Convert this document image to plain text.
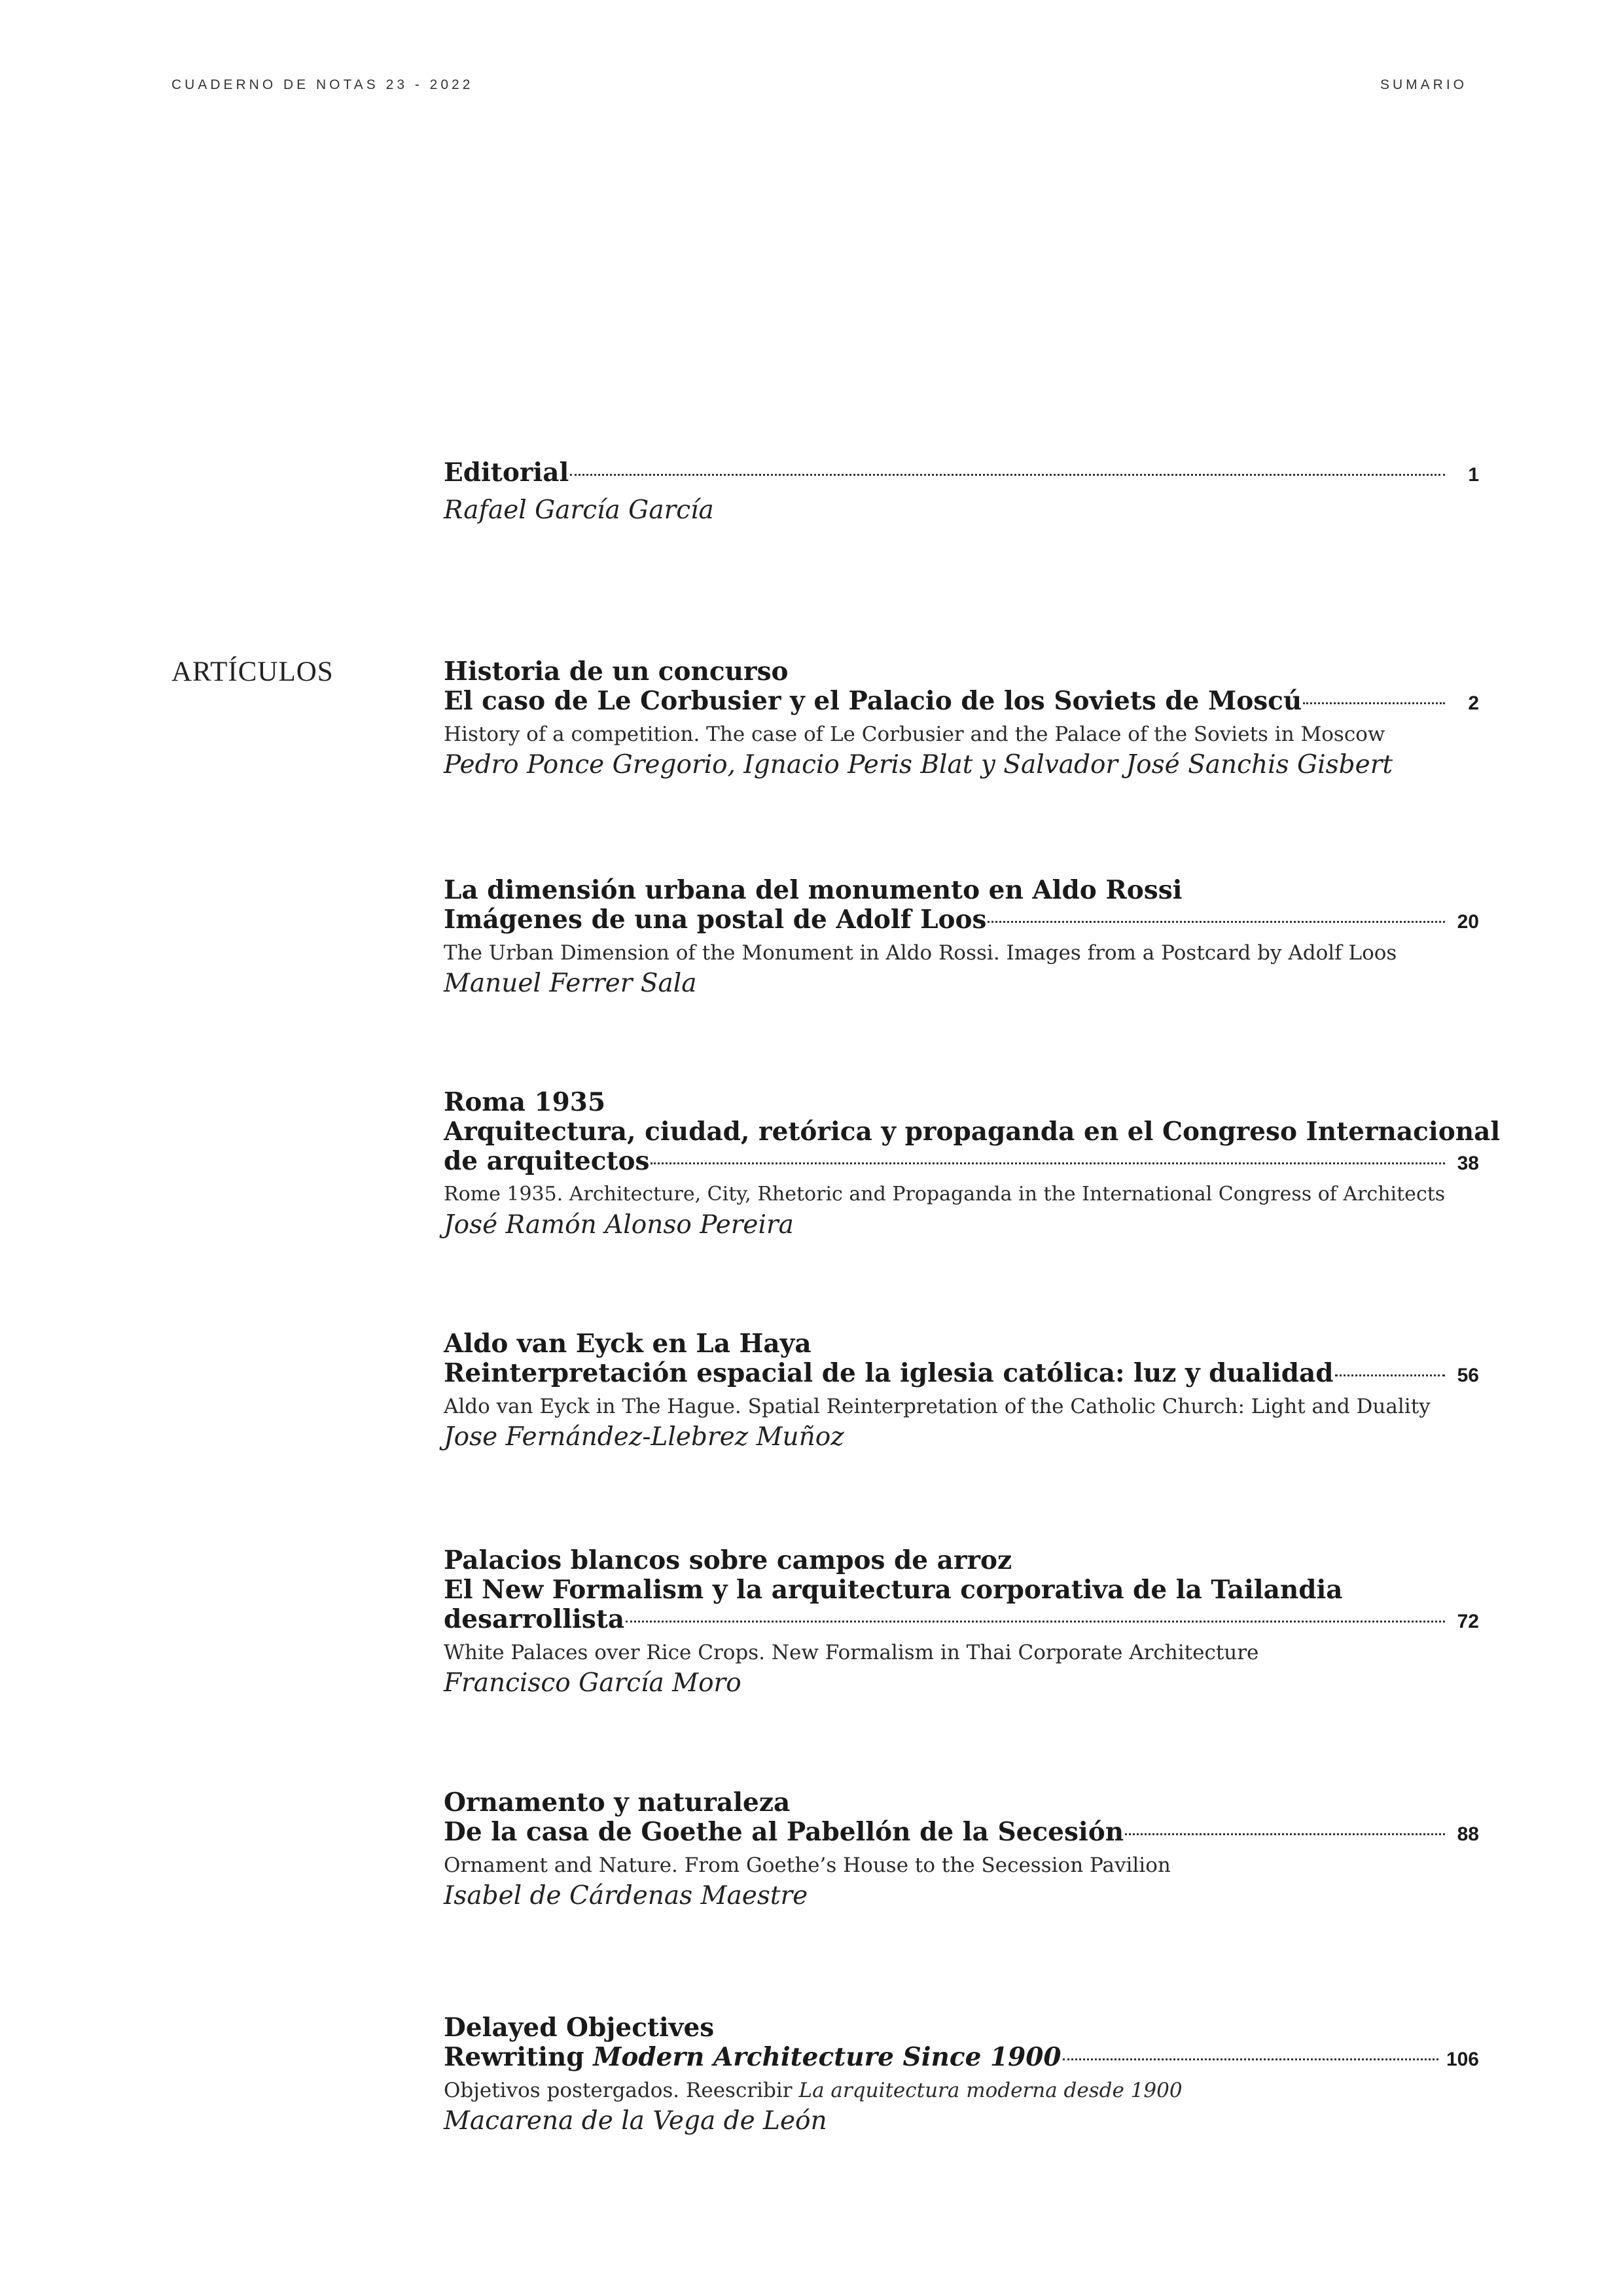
CUADERNO DE NOTAS 23 - 2022	SUMARIO
Editorial	1
Rafael García García
ARTÍCULOS	Historia de un concurso
El caso de Le Corbusier y el Palacio de los Soviets de Moscú	2
History of a competition. The case of Le Corbusier and the Palace of the Soviets in Moscow
Pedro Ponce Gregorio, Ignacio Peris Blat y Salvador José Sanchis Gisbert
La dimensión urbana del monumento en Aldo Rossi
Imágenes de una postal de Adolf Loos	20
The Urban Dimension of the Monument in Aldo Rossi. Images from a Postcard by Adolf Loos
Manuel Ferrer Sala
Roma 1935
Arquitectura, ciudad, retórica y propaganda en el Congreso Internacional
de arquitectos	38
Rome 1935. Architecture, City, Rhetoric and Propaganda in the International Congress of Architects
José Ramón Alonso Pereira
Aldo van Eyck en La Haya
Reinterpretación espacial de la iglesia católica: luz y dualidad	56
Aldo van Eyck in The Hague. Spatial Reinterpretation of the Catholic Church: Light and Duality
Jose Fernández-Llebrez Muñoz
Palacios blancos sobre campos de arroz
El New Formalism y la arquitectura corporativa de la Tailandia
desarrollista	72
White Palaces over Rice Crops. New Formalism in Thai Corporate Architecture
Francisco García Moro
Ornamento y naturaleza
De la casa de Goethe al Pabellón de la Secesión	88
Ornament and Nature. From Goethe’s House to the Secession Pavilion
Isabel de Cárdenas Maestre
Delayed Objectives
Rewriting Modern Architecture Since 1900	106
Objetivos postergados. Reescribir La arquitectura moderna desde 1900
Macarena de la Vega de León
